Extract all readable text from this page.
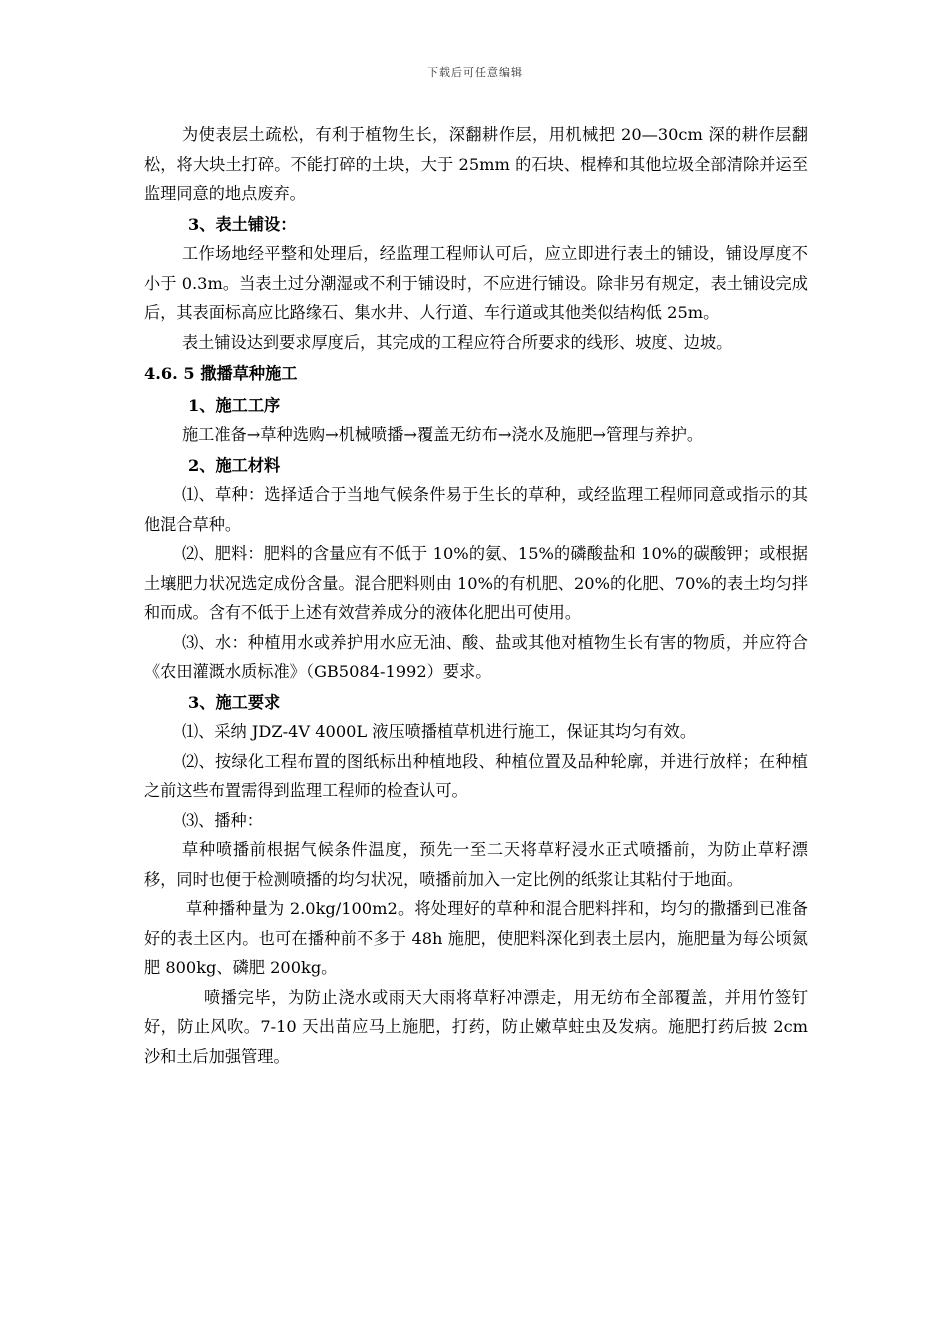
下载后可任意编辑

为使表层土疏松，有利于植物生长，深翻耕作层，用机械把 20—30cm 深的耕作层翻松，将大块土打碎。不能打碎的土块，大于 25mm 的石块、棍棒和其他垃圾全部清除并运至监理同意的地点废弃。

3、表土铺设：

工作场地经平整和处理后，经监理工程师认可后，应立即进行表土的铺设，铺设厚度不小于 0.3m。当表土过分潮湿或不利于铺设时，不应进行铺设。除非另有规定，表土铺设完成后，其表面标高应比路缘石、集水井、人行道、车行道或其他类似结构低 25m。

表土铺设达到要求厚度后，其完成的工程应符合所要求的线形、坡度、边坡。

4.6. 5 撒播草种施工

1、施工工序

施工准备→草种选购→机械喷播→覆盖无纺布→浇水及施肥→管理与养护。

2、施工材料

⑴、草种：选择适合于当地气候条件易于生长的草种，或经监理工程师同意或指示的其他混合草种。

⑵、肥料：肥料的含量应有不低于 10%的氨、15%的磷酸盐和 10%的碳酸钾；或根据土壤肥力状况选定成份含量。混合肥料则由 10%的有机肥、20%的化肥、70%的表土均匀拌和而成。含有不低于上述有效营养成分的液体化肥出可使用。

⑶、水：种植用水或养护用水应无油、酸、盐或其他对植物生长有害的物质，并应符合《农田灌溉水质标准》（GB5084-1992）要求。

3、施工要求

⑴、采纳 JDZ-4V 4000L 液压喷播植草机进行施工，保证其均匀有效。

⑵、按绿化工程布置的图纸标出种植地段、种植位置及品种轮廓，并进行放样；在种植之前这些布置需得到监理工程师的检查认可。

⑶、播种：

草种喷播前根据气候条件温度，预先一至二天将草籽浸水正式喷播前，为防止草籽漂移，同时也便于检测喷播的均匀状况，喷播前加入一定比例的纸浆让其粘付于地面。

草种播种量为 2.0kg/100m2。将处理好的草种和混合肥料拌和，均匀的撒播到已准备好的表土区内。也可在播种前不多于 48h 施肥，使肥料深化到表土层内，施肥量为每公顷氮肥 800kg、磷肥 200kg。

喷播完毕，为防止浇水或雨天大雨将草籽冲漂走，用无纺布全部覆盖，并用竹签钉好，防止风吹。7-10 天出苗应马上施肥，打药，防止嫩草蛀虫及发病。施肥打药后披 2cm 沙和土后加强管理。
